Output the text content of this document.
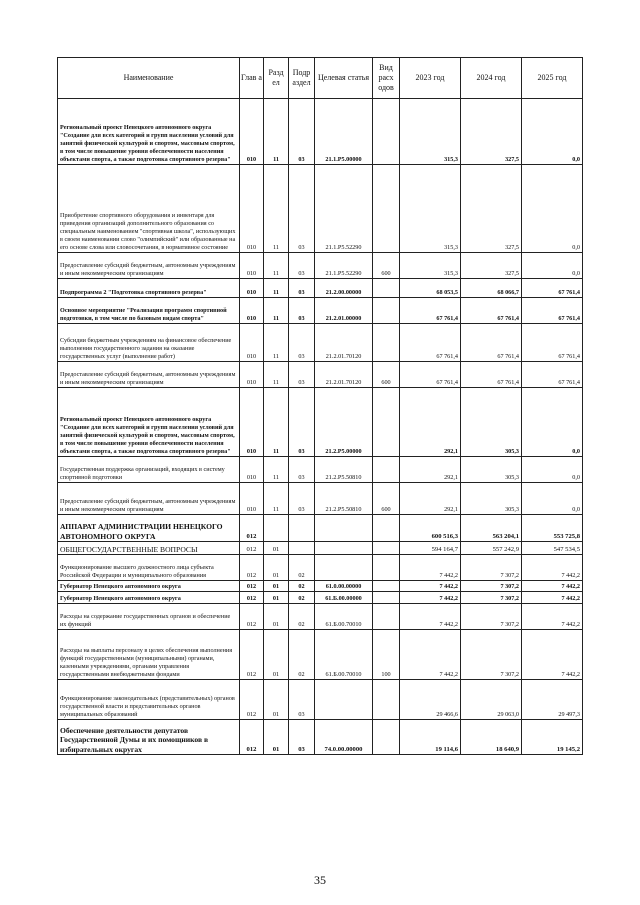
Наименование	Глав а	Разд ел	Подр аздел	Целевая статья	Вид расх одов	2023 год	2024 год	2025 год
Региональный проект Ненецкого автономного округа "Создание для всех категорий и групп населения условий для занятий физической культурой и спортом, массовым спортом, в том числе повышение уровня обеспеченности населения объектами спорта, а также подготовка спортивного резерва"	010	11	03	21.1.P5.00000		315,3	327,5	0,0
Приобретение спортивного оборудования и инвентаря для приведения организаций дополнительного образования со специальным наименованием "спортивная школа", использующих в своем наименовании слово "олимпийский" или образованные на его основе слова или словосочетания, в нормативное состояние	010	11	03	21.1.P5.52290		315,3	327,5	0,0
Предоставление субсидий бюджетным, автономным учреждениям и иным некоммерческим организациям	010	11	03	21.1.P5.52290	600	315,3	327,5	0,0
Подпрограмма 2 "Подготовка спортивного резерва"	010	11	03	21.2.00.00000		68 053,5	68 066,7	67 761,4
Основное мероприятие "Реализация программ спортивной подготовки, в том числе по базовым видам спорта"	010	11	03	21.2.01.00000		67 761,4	67 761,4	67 761,4
Субсидии бюджетным учреждениям на финансовое обеспечение выполнения государственного задания на оказание государственных услуг (выполнение работ)	010	11	03	21.2.01.70120		67 761,4	67 761,4	67 761,4
Предоставление субсидий бюджетным, автономным учреждениям и иным некоммерческим организациям	010	11	03	21.2.01.70120	600	67 761,4	67 761,4	67 761,4
Региональный проект Ненецкого автономного округа "Создание для всех категорий и групп населения условий для занятий физической культурой и спортом, массовым спортом, в том числе повышение уровня обеспеченности населения объектами спорта, а также подготовка спортивного резерва"	010	11	03	21.2.P5.00000		292,1	305,3	0,0
Государственная поддержка организаций, входящих в систему спортивной подготовки	010	11	03	21.2.P5.50810		292,1	305,3	0,0
Предоставление субсидий бюджетным, автономным учреждениям и иным некоммерческим организациям	010	11	03	21.2.P5.50810	600	292,1	305,3	0,0
АППАРАТ АДМИНИСТРАЦИИ НЕНЕЦКОГО АВТОНОМНОГО ОКРУГА	012					600 516,3	563 204,1	553 725,8
ОБЩЕГОСУДАРСТВЕННЫЕ ВОПРОСЫ	012	01				594 164,7	557 242,9	547 534,5
Функционирование высшего должностного лица субъекта Российской Федерации и муниципального образования	012	01	02			7 442,2	7 307,2	7 442,2
Губернатор Ненецкого автономного округа	012	01	02	61.0.00.00000		7 442,2	7 307,2	7 442,2
Губернатор Ненецкого автономного округа	012	01	02	61.Б.00.00000		7 442,2	7 307,2	7 442,2
Расходы на содержание государственных органов и обеспечение их функций	012	01	02	61.Б.00.70010		7 442,2	7 307,2	7 442,2
Расходы на выплаты персоналу в целях обеспечения выполнения функций государственными (муниципальными) органами, казенными учреждениями, органами управления государственными внебюджетными фондами	012	01	02	61.Б.00.70010	100	7 442,2	7 307,2	7 442,2
Функционирование законодательных (представительных) органов государственной власти и представительных органов муниципальных образований	012	01	03			29 466,6	29 063,0	29 497,3
Обеспечение деятельности депутатов Государственной Думы и их помощников в избирательных округах	012	01	03	74.0.00.00000		19 114,6	18 640,9	19 145,2
35
